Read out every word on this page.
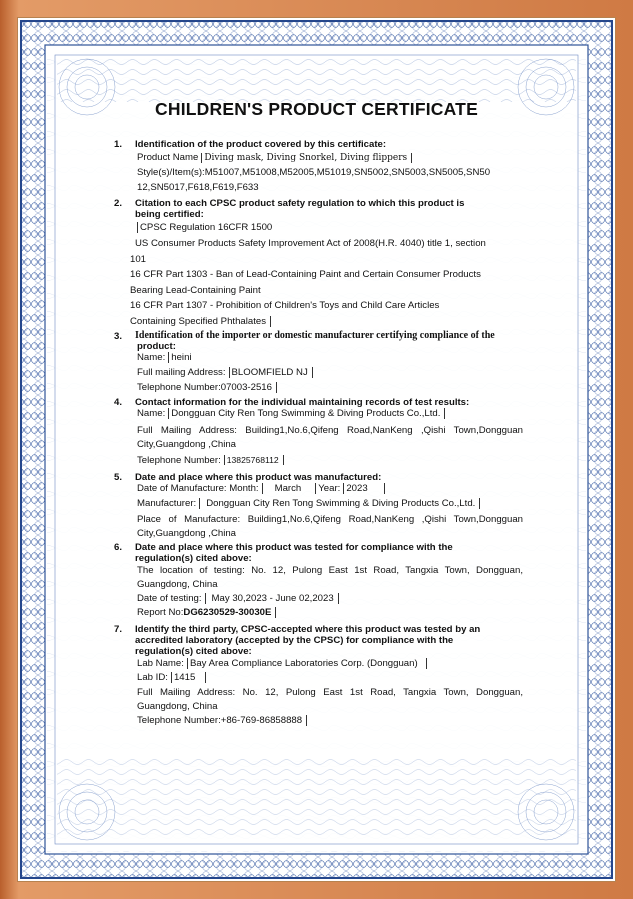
CHILDREN'S PRODUCT CERTIFICATE
1. Identification of the product covered by this certificate:
Product Name Diving mask, Diving Snorkel, Diving flippers
Style(s)/Item(s):M51007,M51008,M52005,M51019,SN5002,SN5003,SN5005,SN50
12,SN5017,F618,F619,F633
2. Citation to each CPSC product safety regulation to which this product is
being certified:
CPSC Regulation 16CFR 1500
US Consumer Products Safety Improvement Act of 2008(H.R. 4040) title 1, section
101
16 CFR Part 1303 - Ban of Lead-Containing Paint and Certain Consumer Products
Bearing Lead-Containing Paint
16 CFR Part 1307 - Prohibition of Children's Toys and Child Care Articles
Containing Specified Phthalates
3. Identification of the importer or domestic manufacturer certifying compliance of the
product:
Name: heini
Full mailing Address: BLOOMFIELD NJ
Telephone Number:07003-2516
4. Contact information for the individual maintaining records of test results:
Name: Dongguan City Ren Tong Swimming & Diving Products Co.,Ltd.
Full Mailing Address: Building1,No.6,Qifeng Road,NanKeng ,Qishi Town,Dongguan City,Guangdong ,China
Telephone Number: 13825768112
5. Date and place where this product was manufactured:
Date of Manufacture: Month: March Year: 2023
Manufacturer: Dongguan City Ren Tong Swimming & Diving Products Co.,Ltd.
Place of Manufacture: Building1,No.6,Qifeng Road,NanKeng ,Qishi Town,Dongguan City,Guangdong ,China
6. Date and place where this product was tested for compliance with the
regulation(s) cited above:
The location of testing: No. 12, Pulong East 1st Road, Tangxia Town, Dongguan, Guangdong, China
Date of testing: May 30,2023 - June 02,2023
Report No:DG6230529-30030E
7. Identify the third party, CPSC-accepted where this product was tested by an
accredited laboratory (accepted by the CPSC) for compliance with the
regulation(s) cited above:
Lab Name: Bay Area Compliance Laboratories Corp. (Dongguan)
Lab ID: 1415
Full Mailing Address: No. 12, Pulong East 1st Road, Tangxia Town, Dongguan, Guangdong, China
Telephone Number:+86-769-86858888
